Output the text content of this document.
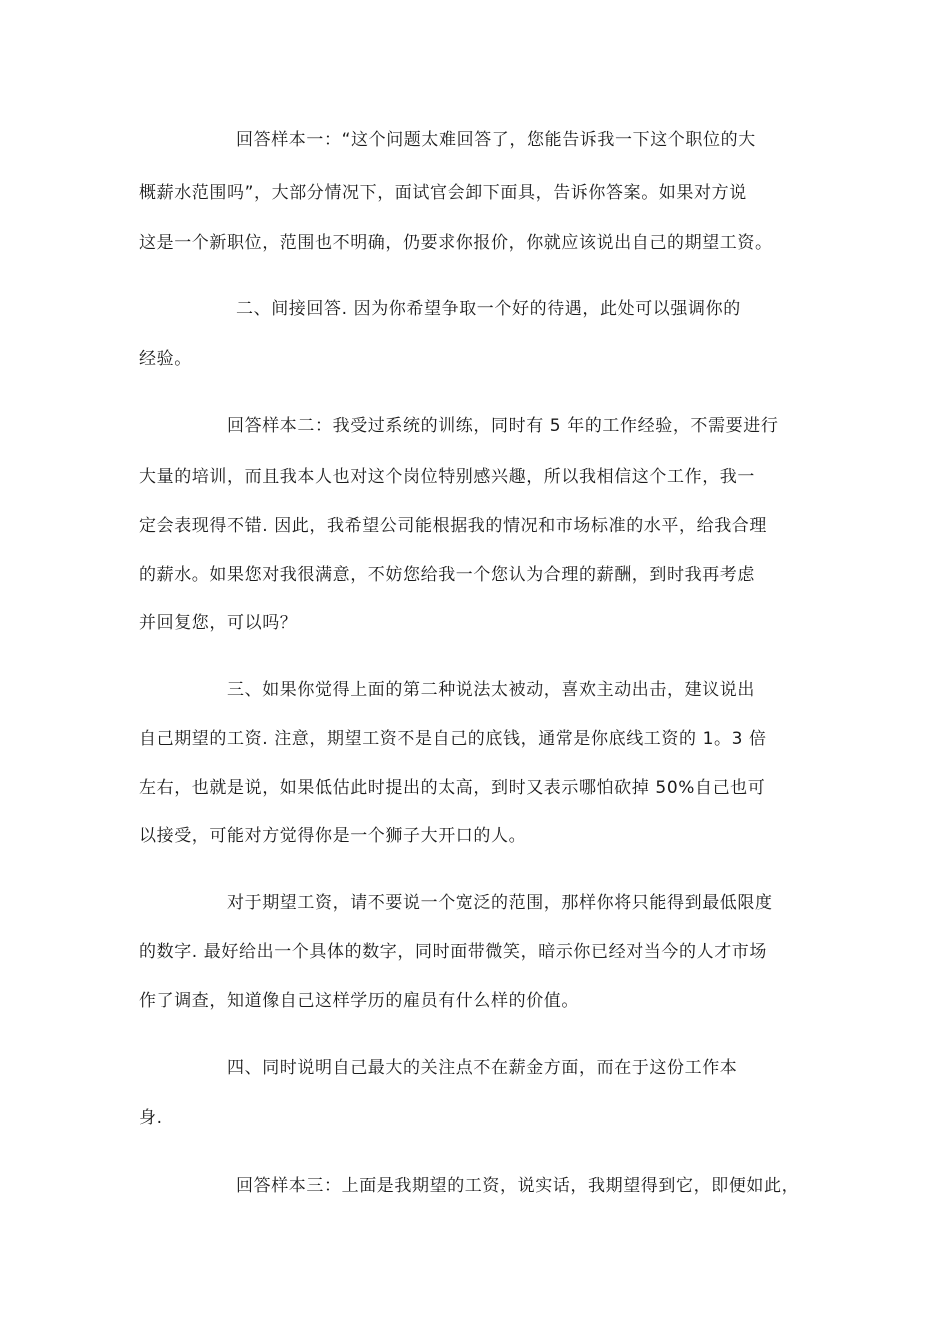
回答样本一：“这个问题太难回答了，您能告诉我一下这个职位的大

概薪水范围吗”，大部分情况下，面试官会卸下面具，告诉你答案。如果对方说

这是一个新职位，范围也不明确，仍要求你报价，你就应该说出自己的期望工资。

二、间接回答. 因为你希望争取一个好的待遇，此处可以强调你的

经验。

回答样本二：我受过系统的训练，同时有 5 年的工作经验，不需要进行

大量的培训，而且我本人也对这个岗位特别感兴趣，所以我相信这个工作，我一

定会表现得不错. 因此，我希望公司能根据我的情况和市场标准的水平，给我合理

的薪水。如果您对我很满意，不妨您给我一个您认为合理的薪酬，到时我再考虑

并回复您，可以吗？

三、如果你觉得上面的第二种说法太被动，喜欢主动出击，建议说出

自己期望的工资. 注意，期望工资不是自己的底钱，通常是你底线工资的 1。3 倍

左右，也就是说，如果低估此时提出的太高，到时又表示哪怕砍掉 50%自己也可

以接受，可能对方觉得你是一个狮子大开口的人。

对于期望工资，请不要说一个宽泛的范围，那样你将只能得到最低限度

的数字. 最好给出一个具体的数字，同时面带微笑，暗示你已经对当今的人才市场

作了调查，知道像自己这样学历的雇员有什么样的价值。

四、同时说明自己最大的关注点不在薪金方面，而在于这份工作本

身.

回答样本三：上面是我期望的工资，说实话，我期望得到它，即便如此，
